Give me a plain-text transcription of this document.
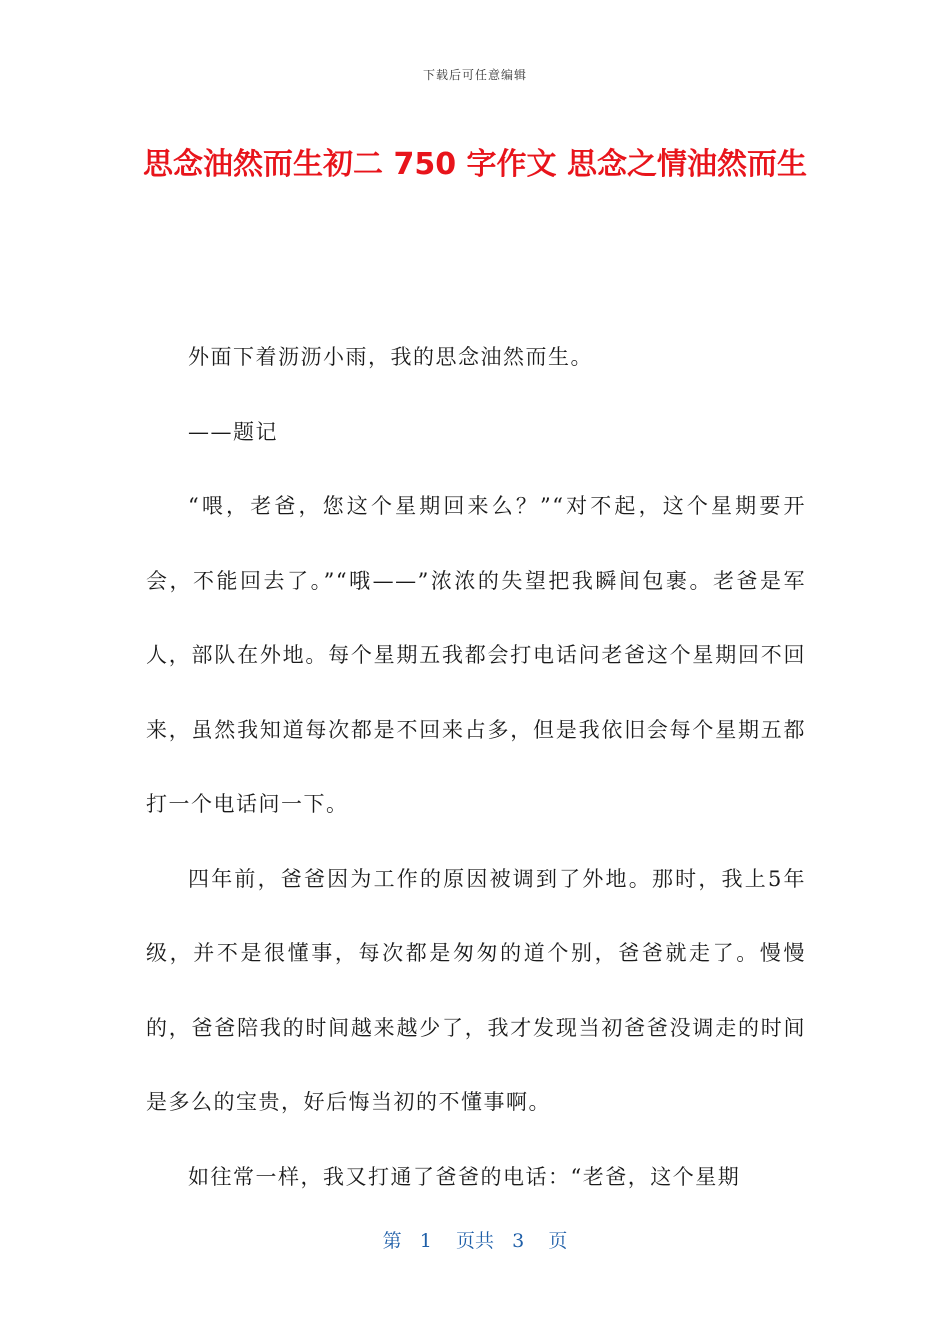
下载后可任意编辑
思念油然而生初二 750 字作文 思念之情油然而生

外面下着沥沥小雨，我的思念油然而生。

——题记

“喂，老爸，您这个星期回来么？”“对不起，这个星期要开会，不能回去了。”“哦——”浓浓的失望把我瞬间包裹。老爸是军人，部队在外地。每个星期五我都会打电话问老爸这个星期回不回来，虽然我知道每次都是不回来占多，但是我依旧会每个星期五都打一个电话问一下。

四年前，爸爸因为工作的原因被调到了外地。那时，我上5年级，并不是很懂事，每次都是匆匆的道个别，爸爸就走了。慢慢的，爸爸陪我的时间越来越少了，我才发现当初爸爸没调走的时间是多么的宝贵，好后悔当初的不懂事啊。

如往常一样，我又打通了爸爸的电话：“老爸，这个星期

第 1 页共 3 页
